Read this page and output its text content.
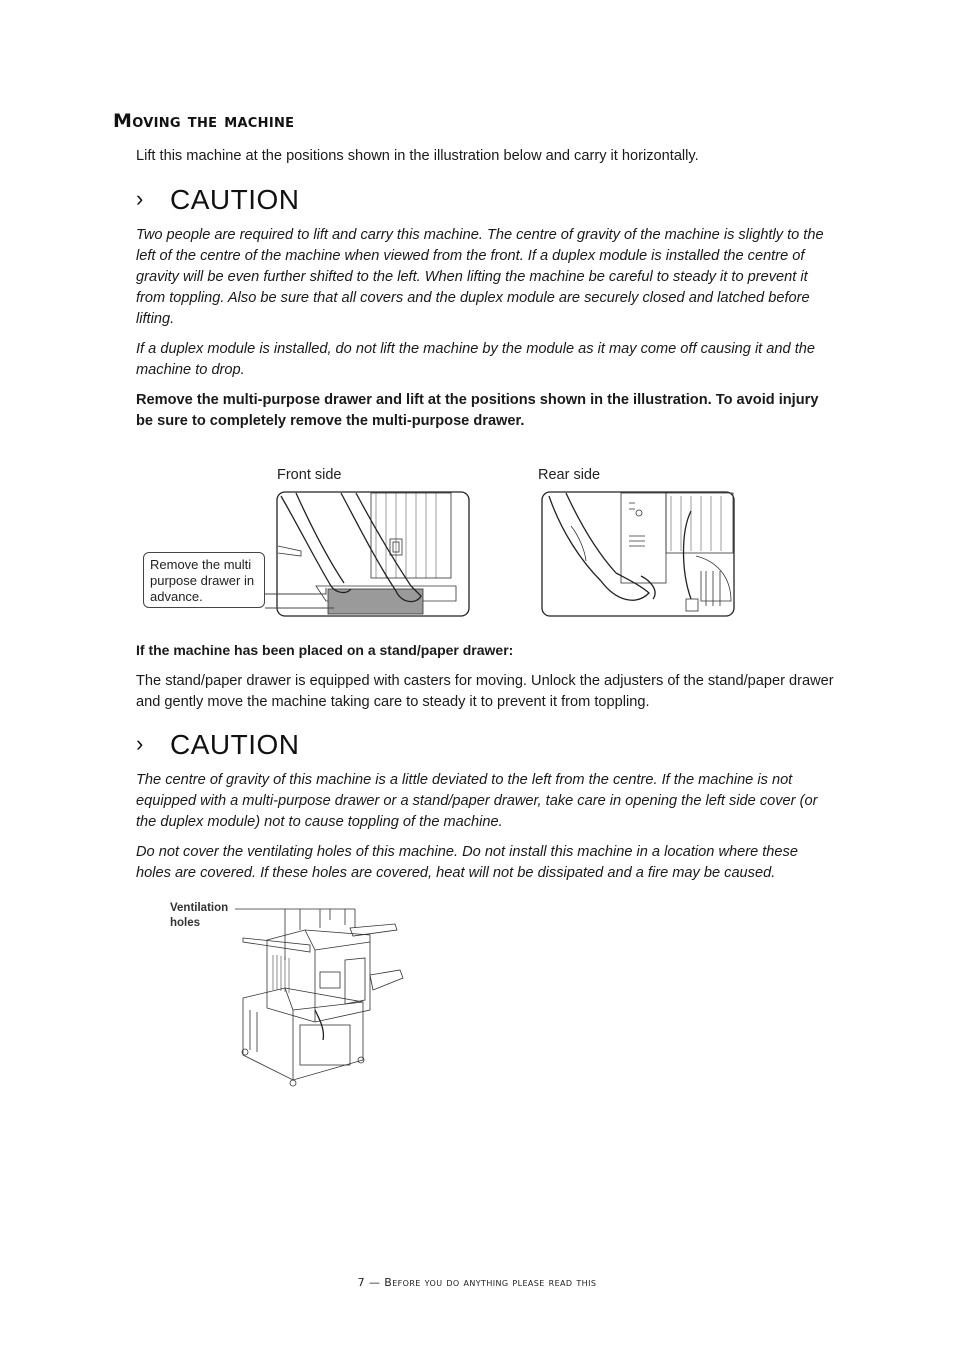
Moving the machine
Lift this machine at the positions shown in the illustration below and carry it horizontally.
› CAUTION
Two people are required to lift and carry this machine. The centre of gravity of the machine is slightly to the left of the centre of the machine when viewed from the front. If a duplex module is installed the centre of gravity will be even further shifted to the left. When lifting the machine be careful to steady it to prevent it from toppling. Also be sure that all covers and the duplex module are securely closed and latched before lifting.
If a duplex module is installed, do not lift the machine by the module as it may come off causing it and the machine to drop.
Remove the multi-purpose drawer and lift at the positions shown in the illustration. To avoid injury be sure to completely remove the multi-purpose drawer.
Front side	Rear side
Remove the multi purpose drawer in advance.
If the machine has been placed on a stand/paper drawer:
The stand/paper drawer is equipped with casters for moving. Unlock the adjusters of the stand/paper drawer and gently move the machine taking care to steady it to prevent it from toppling.
› CAUTION
The centre of gravity of this machine is a little deviated to the left from the centre. If the machine is not equipped with a multi-purpose drawer or a stand/paper drawer, take care in opening the left side cover (or the duplex module) not to cause toppling of the machine.
Do not cover the ventilating holes of this machine. Do not install this machine in a location where these holes are covered. If these holes are covered, heat will not be dissipated and a fire may be caused.
Ventilation
holes
7 — Before you do anything please read this
